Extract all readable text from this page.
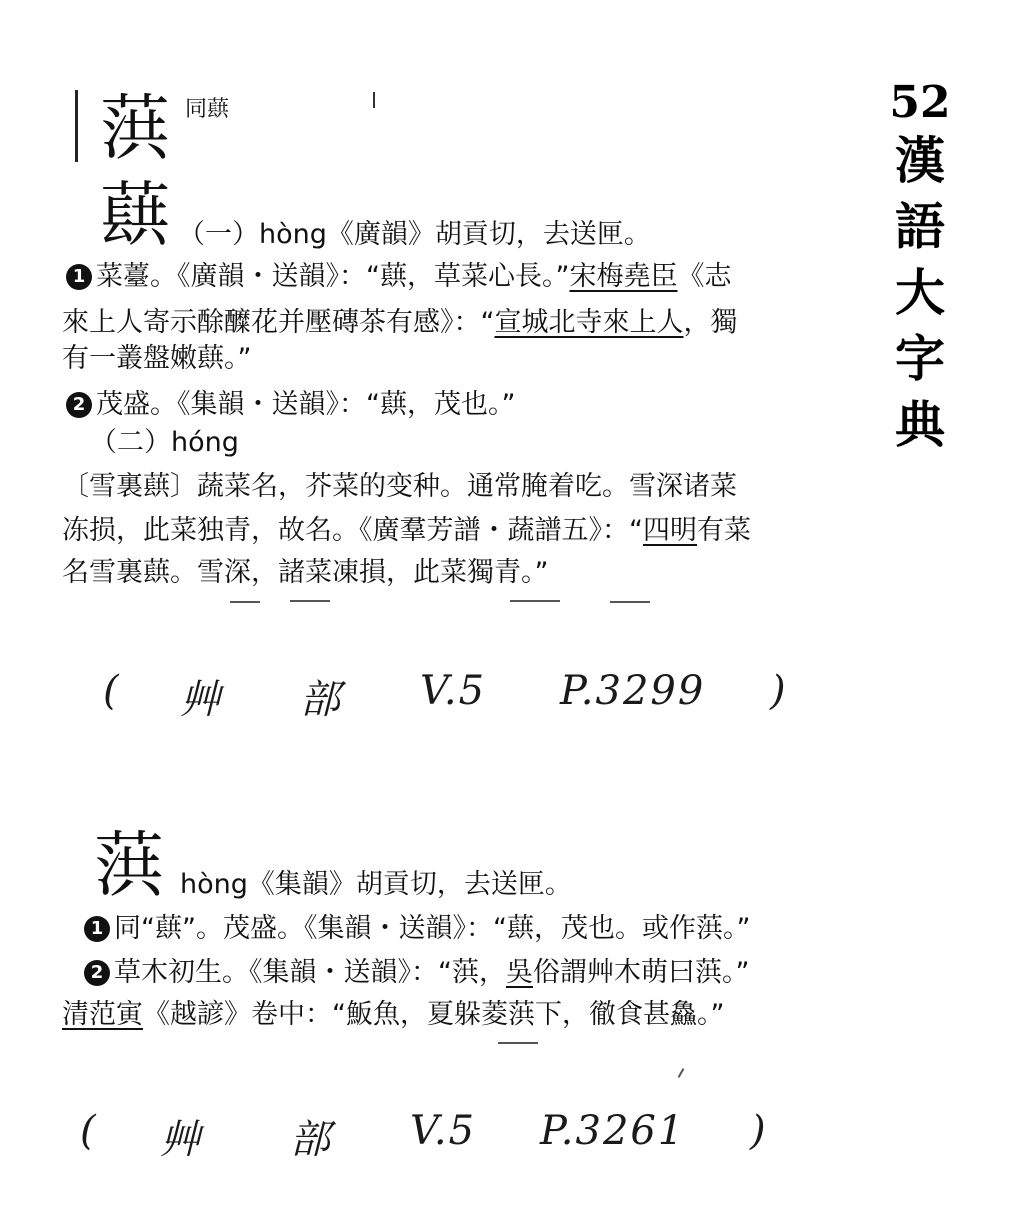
52
漢
語
大
字
典
葓 同蕻
蕻 （一）hòng《廣韻》胡貢切，去送匣。
1 菜薹。《廣韻・送韻》：“蕻，草菜心長。”宋梅堯臣《志
來上人寄示酴醾花并壓磚茶有感》：“宣城北寺來上人，獨
有一叢盤嫩蕻。”
2 茂盛。《集韻・送韻》：“蕻，茂也。”
（二）hóng
〔雪裏蕻〕蔬菜名，芥菜的变种。通常腌着吃。雪深诸菜
冻损，此菜独青，故名。《廣羣芳譜・蔬譜五》：“四明有菜
名雪裏蕻。雪深，諸菜凍損，此菜獨青。”
( 艸 部 V.5 P.3299 )
葓 hòng《集韻》胡貢切，去送匣。
1 同“蕻”。茂盛。《集韻・送韻》：“蕻，茂也。或作葓。”
2 草木初生。《集韻・送韻》：“葓，吳俗謂艸木萌曰葓。”
清范寅《越諺》卷中：“魬魚，夏躲菱葓下，徹食甚鱻。”
( 艸 部 V.5 P.3261 )
